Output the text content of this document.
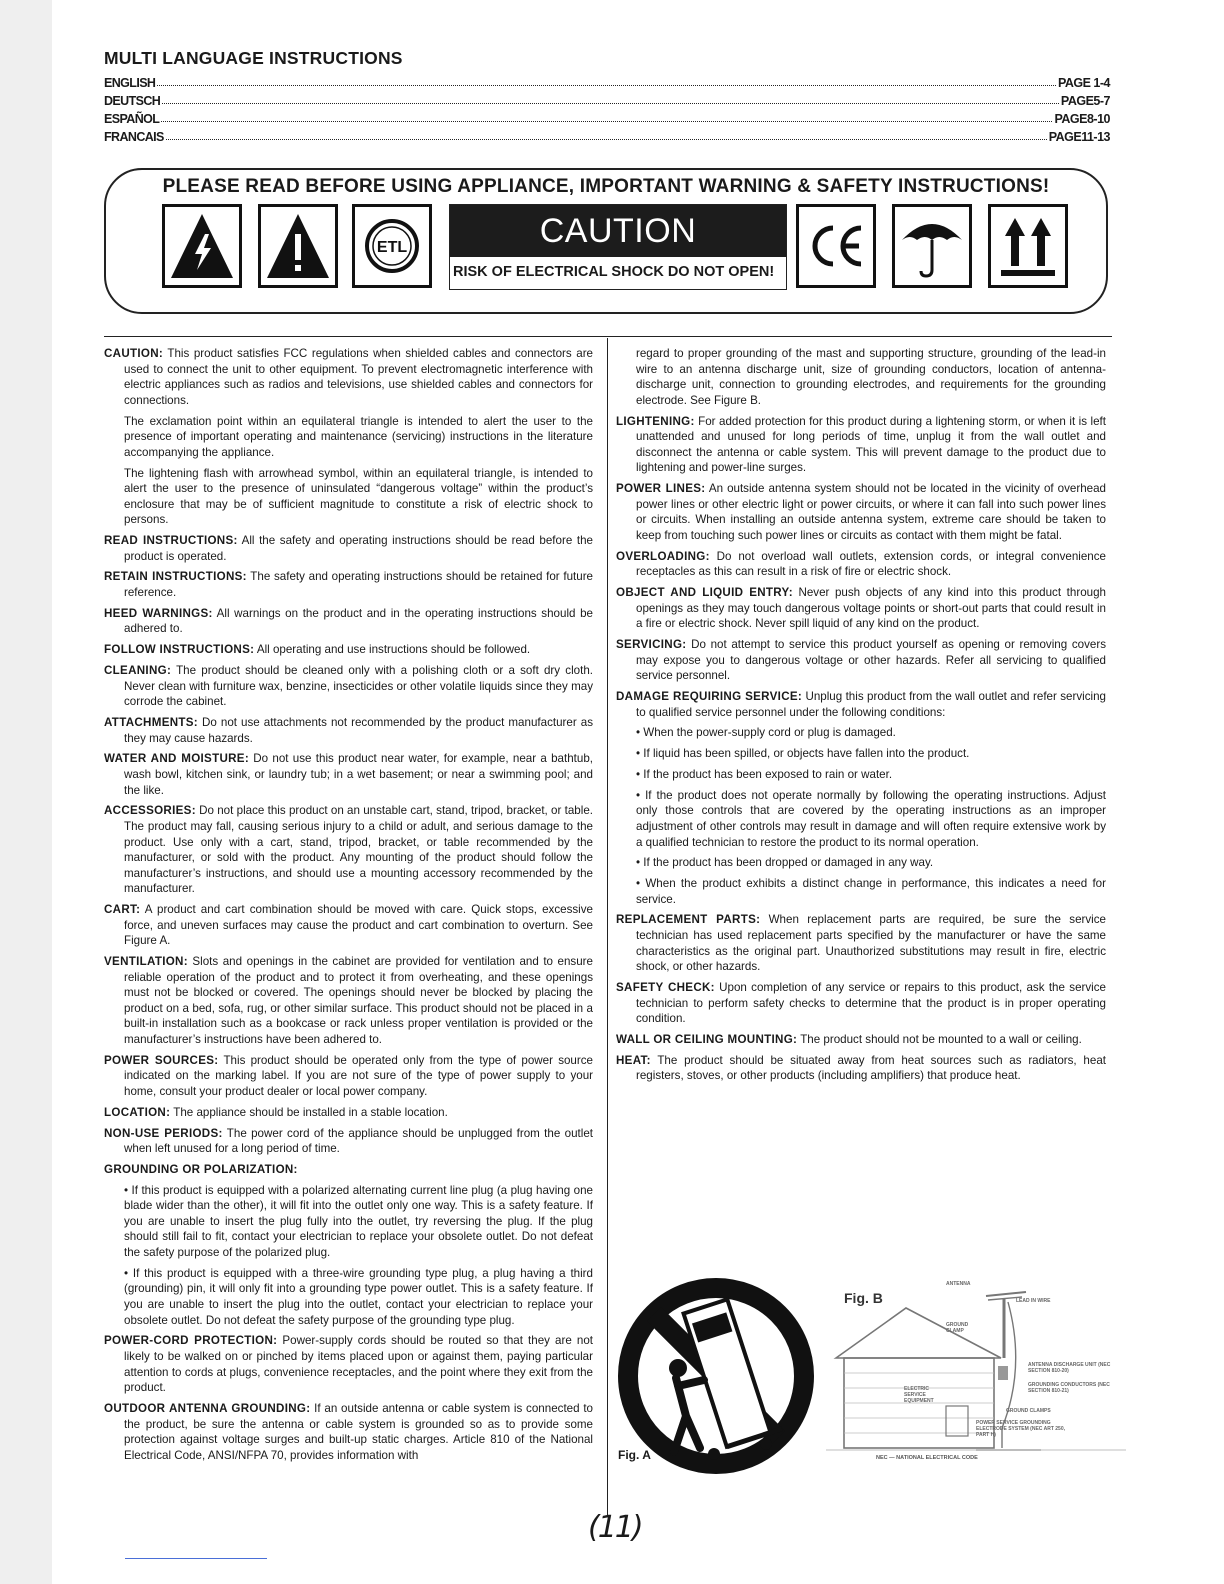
MULTI LANGUAGE INSTRUCTIONS
ENGLISH	PAGE 1-4
DEUTSCH	PAGE5-7
ESPAÑOL	PAGE8-10
FRANCAIS	PAGE11-13
PLEASE READ BEFORE USING APPLIANCE, IMPORTANT WARNING & SAFETY INSTRUCTIONS!
ETL	CAUTION
RISK OF ELECTRICAL SHOCK DO NOT OPEN!

CAUTION: This product satisfies FCC regulations when shielded cables and connectors are used to connect the unit to other equipment. To prevent electromagnetic interference with electric appliances such as radios and televisions, use shielded cables and connectors for connections.

The exclamation point within an equilateral triangle is intended to alert the user to the presence of important operating and maintenance (servicing) instructions in the literature accompanying the appliance.

The lightening flash with arrowhead symbol, within an equilateral triangle, is intended to alert the user to the presence of uninsulated “dangerous voltage” within the product’s enclosure that may be of sufficient magnitude to constitute a risk of electric shock to persons.

READ INSTRUCTIONS: All the safety and operating instructions should be read before the product is operated.

RETAIN INSTRUCTIONS: The safety and operating instructions should be retained for future reference.

HEED WARNINGS: All warnings on the product and in the operating instructions should be adhered to.

FOLLOW INSTRUCTIONS: All operating and use instructions should be followed.

CLEANING: The product should be cleaned only with a polishing cloth or a soft dry cloth. Never clean with furniture wax, benzine, insecticides or other volatile liquids since they may corrode the cabinet.

ATTACHMENTS: Do not use attachments not recommended by the product manufacturer as they may cause hazards.

WATER AND MOISTURE: Do not use this product near water, for example, near a bathtub, wash bowl, kitchen sink, or laundry tub; in a wet basement; or near a swimming pool; and the like.

ACCESSORIES: Do not place this product on an unstable cart, stand, tripod, bracket, or table. The product may fall, causing serious injury to a child or adult, and serious damage to the product. Use only with a cart, stand, tripod, bracket, or table recommended by the manufacturer, or sold with the product. Any mounting of the product should follow the manufacturer’s instructions, and should use a mounting accessory recommended by the manufacturer.

CART: A product and cart combination should be moved with care. Quick stops, excessive force, and uneven surfaces may cause the product and cart combination to overturn. See Figure A.

VENTILATION: Slots and openings in the cabinet are provided for ventilation and to ensure reliable operation of the product and to protect it from overheating, and these openings must not be blocked or covered. The openings should never be blocked by placing the product on a bed, sofa, rug, or other similar surface. This product should not be placed in a built-in installation such as a bookcase or rack unless proper ventilation is provided or the manufacturer’s instructions have been adhered to.

POWER SOURCES: This product should be operated only from the type of power source indicated on the marking label. If you are not sure of the type of power supply to your home, consult your product dealer or local power company.

LOCATION: The appliance should be installed in a stable location.

NON-USE PERIODS: The power cord of the appliance should be unplugged from the outlet when left unused for a long period of time.

GROUNDING OR POLARIZATION:

• If this product is equipped with a polarized alternating current line plug (a plug having one blade wider than the other), it will fit into the outlet only one way. This is a safety feature. If you are unable to insert the plug fully into the outlet, try reversing the plug. If the plug should still fail to fit, contact your electrician to replace your obsolete outlet. Do not defeat the safety purpose of the polarized plug.

• If this product is equipped with a three-wire grounding type plug, a plug having a third (grounding) pin, it will only fit into a grounding type power outlet. This is a safety feature. If you are unable to insert the plug into the outlet, contact your electrician to replace your obsolete outlet. Do not defeat the safety purpose of the grounding type plug.

POWER-CORD PROTECTION: Power-supply cords should be routed so that they are not likely to be walked on or pinched by items placed upon or against them, paying particular attention to cords at plugs, convenience receptacles, and the point where they exit from the product.

OUTDOOR ANTENNA GROUNDING: If an outside antenna or cable system is connected to the product, be sure the antenna or cable system is grounded so as to provide some protection against voltage surges and built-up static charges. Article 810 of the National Electrical Code, ANSI/NFPA 70, provides information with

regard to proper grounding of the mast and supporting structure, grounding of the lead-in wire to an antenna discharge unit, size of grounding conductors, location of antenna-discharge unit, connection to grounding electrodes, and requirements for the grounding electrode. See Figure B.

LIGHTENING: For added protection for this product during a lightening storm, or when it is left unattended and unused for long periods of time, unplug it from the wall outlet and disconnect the antenna or cable system. This will prevent damage to the product due to lightening and power-line surges.

POWER LINES: An outside antenna system should not be located in the vicinity of overhead power lines or other electric light or power circuits, or where it can fall into such power lines or circuits. When installing an outside antenna system, extreme care should be taken to keep from touching such power lines or circuits as contact with them might be fatal.

OVERLOADING: Do not overload wall outlets, extension cords, or integral convenience receptacles as this can result in a risk of fire or electric shock.

OBJECT AND LIQUID ENTRY: Never push objects of any kind into this product through openings as they may touch dangerous voltage points or short-out parts that could result in a fire or electric shock. Never spill liquid of any kind on the product.

SERVICING: Do not attempt to service this product yourself as opening or removing covers may expose you to dangerous voltage or other hazards. Refer all servicing to qualified service personnel.

DAMAGE REQUIRING SERVICE: Unplug this product from the wall outlet and refer servicing to qualified service personnel under the following conditions:

• When the power-supply cord or plug is damaged.

• If liquid has been spilled, or objects have fallen into the product.

• If the product has been exposed to rain or water.

• If the product does not operate normally by following the operating instructions. Adjust only those controls that are covered by the operating instructions as an improper adjustment of other controls may result in damage and will often require extensive work by a qualified technician to restore the product to its normal operation.

• If the product has been dropped or damaged in any way.

• When the product exhibits a distinct change in performance, this indicates a need for service.

REPLACEMENT PARTS: When replacement parts are required, be sure the service technician has used replacement parts specified by the manufacturer or have the same characteristics as the original part. Unauthorized substitutions may result in fire, electric shock, or other hazards.

SAFETY CHECK: Upon completion of any service or repairs to this product, ask the service technician to perform safety checks to determine that the product is in proper operating condition.

WALL OR CEILING MOUNTING: The product should not be mounted to a wall or ceiling.

HEAT: The product should be situated away from heat sources such as radiators, heat registers, stoves, or other products (including amplifiers) that produce heat.

Fig. A
Fig. B
ANTENNA
LEAD IN WIRE
GROUND CLAMP
ANTENNA DISCHARGE UNIT (NEC SECTION 810-20)
GROUNDING CONDUCTORS (NEC SECTION 810-21)
GROUND CLAMPS
POWER SERVICE GROUNDING ELECTRODE SYSTEM (NEC ART 250, PART H)
ELECTRIC SERVICE EQUIPMENT
NEC — NATIONAL ELECTRICAL CODE
(11)
